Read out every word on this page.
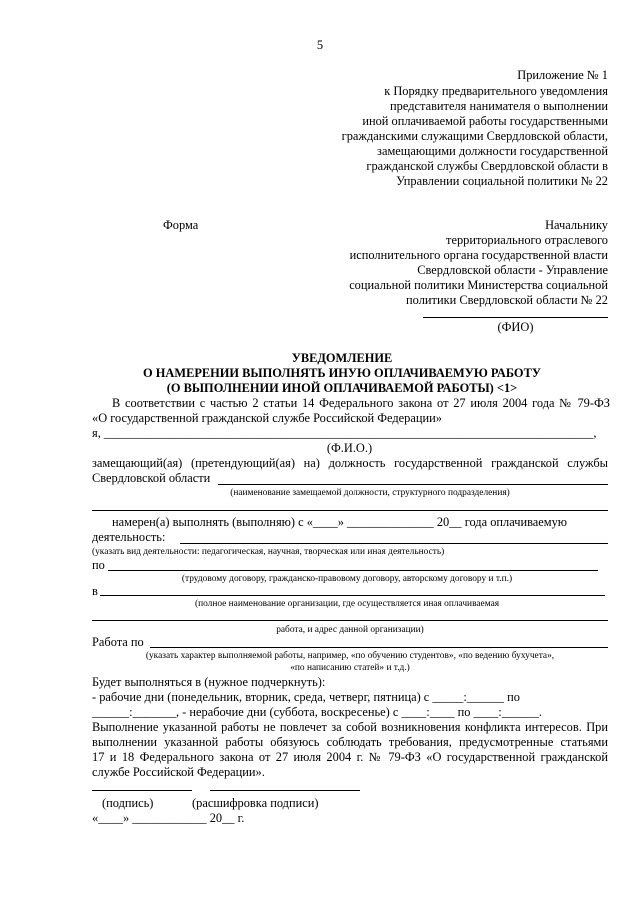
5
Приложение № 1
к Порядку предварительного уведомления
представителя нанимателя о выполнении
иной оплачиваемой работы государственными
гражданскими служащими Свердловской области,
замещающими должности государственной
гражданской службы Свердловской области в
Управлении социальной политики № 22
Форма	Начальнику
территориального отраслевого
исполнительного органа государственной власти
Свердловской области - Управление
социальной политики Министерства социальной
политики Свердловской области № 22
(ФИО)
УВЕДОМЛЕНИЕ
О НАМЕРЕНИИ ВЫПОЛНЯТЬ ИНУЮ ОПЛАЧИВАЕМУЮ РАБОТУ
(О ВЫПОЛНЕНИИ ИНОЙ ОПЛАЧИВАЕМОЙ РАБОТЫ) <1>
В соответствии с частью 2 статьи 14 Федерального закона от 27 июля 2004 года № 79-ФЗ
«О государственной гражданской службе Российской Федерации»
я, _______________________________________________________________________________,
(Ф.И.О.)
замещающий(ая) (претендующий(ая) на) должность государственной гражданской службы
Свердловской области
(наименование замещаемой должности, структурного подразделения)
намерен(а) выполнять (выполняю) с «____» ______________ 20__ года оплачиваемую
деятельность:
(указать вид деятельности: педагогическая, научная, творческая или иная деятельность)
по
(трудовому договору, гражданско-правовому договору, авторскому договору и т.п.)
в
(полное наименование организации, где осуществляется иная оплачиваемая
работа, и адрес данной организации)
Работа по
(указать характер выполняемой работы, например, «по обучению студентов», «по ведению бухучета»,
«по написанию статей» и т.д.)
Будет выполняться в (нужное подчеркнуть):
- рабочие дни (понедельник, вторник, среда, четверг, пятница) с _____:______ по
______:_______, - нерабочие дни (суббота, воскресенье) с ____:____ по ____:______.
Выполнение указанной работы не повлечет за собой возникновения конфликта интересов. При
выполнении указанной работы обязуюсь соблюдать требования, предусмотренные статьями
17 и 18 Федерального закона от 27 июля 2004 г. № 79-ФЗ «О государственной гражданской
службе Российской Федерации».
(подпись)	(расшифровка подписи)
«____» ____________ 20__ г.
